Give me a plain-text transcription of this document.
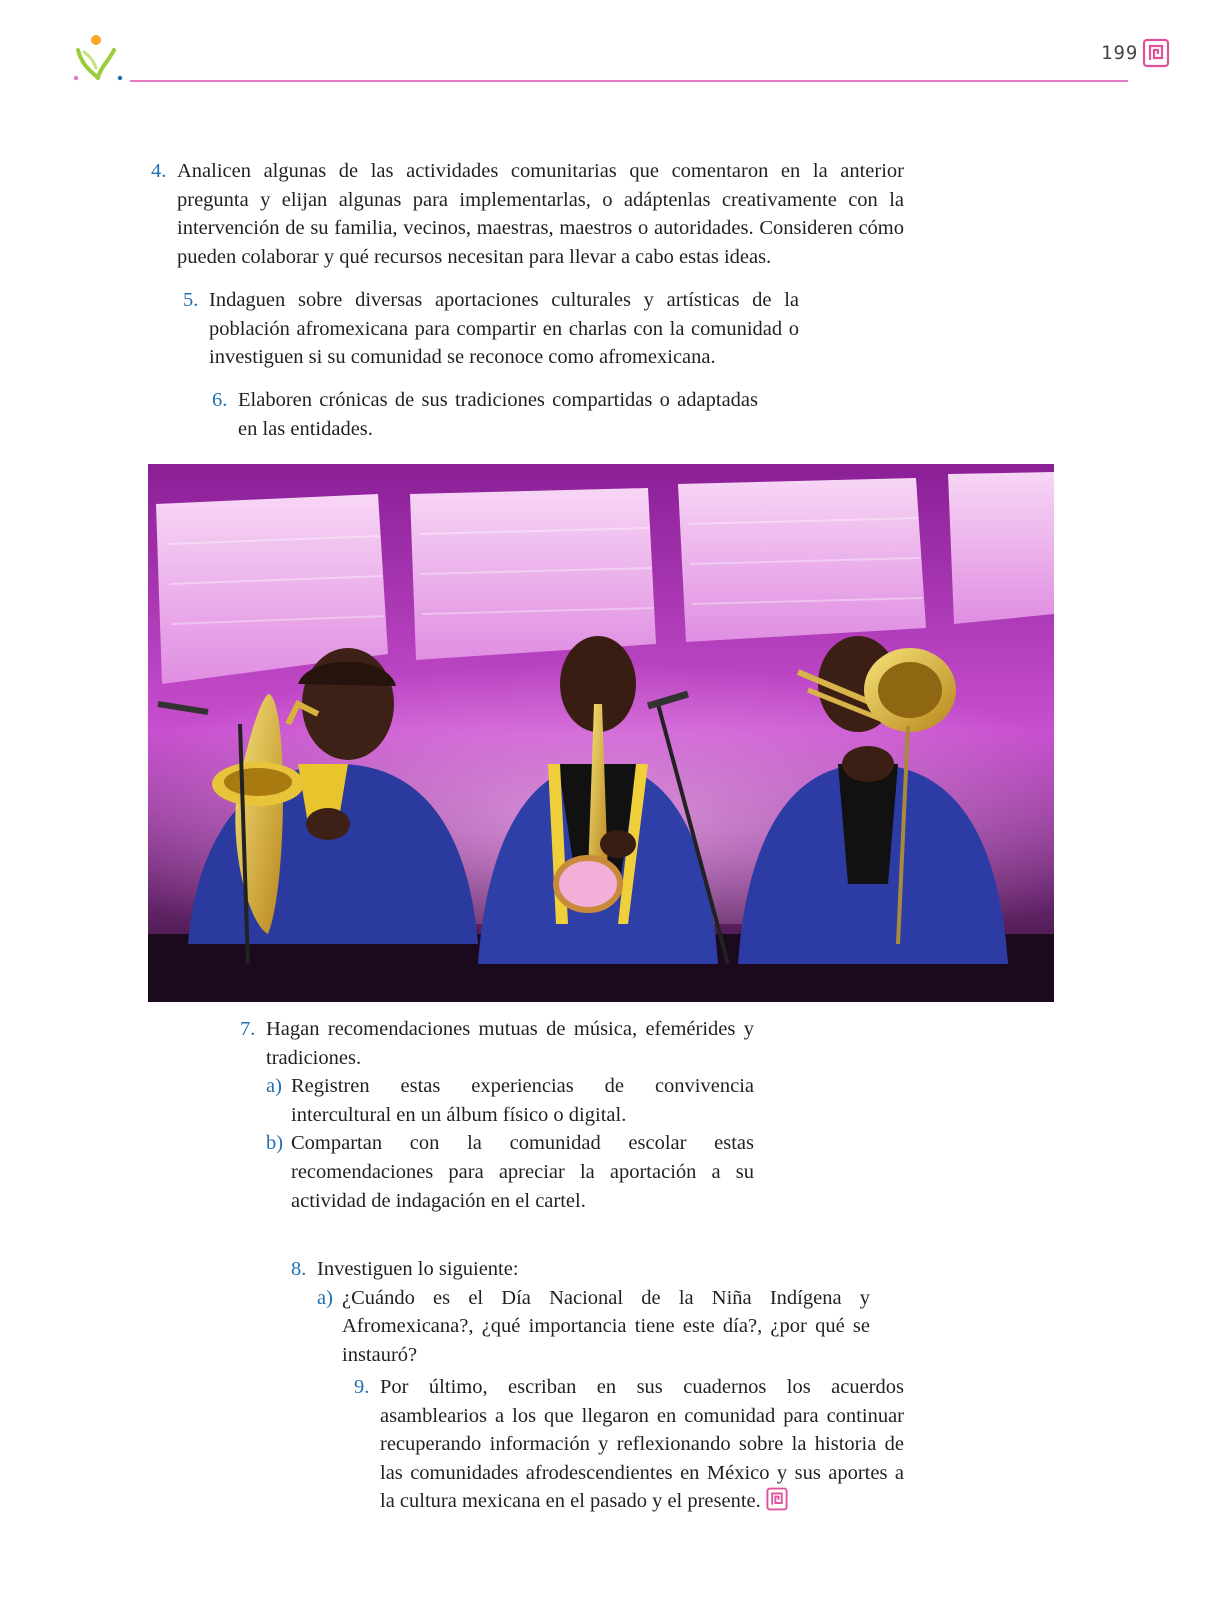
199
4. Analicen algunas de las actividades comunitarias que comentaron en la anterior pregunta y elijan algunas para implementarlas, o adáptenlas creativamente con la intervención de su familia, vecinos, maestras, maestros o autoridades. Consideren cómo pueden colaborar y qué recursos necesitan para llevar a cabo estas ideas.
5. Indaguen sobre diversas aportaciones culturales y artísticas de la población afromexicana para compartir en charlas con la comunidad o investiguen si su comunidad se reconoce como afromexicana.
6. Elaboren crónicas de sus tradiciones compartidas o adaptadas en las entidades.
7. Hagan recomendaciones mutuas de música, efemérides y tradiciones.
a) Registren estas experiencias de convivencia intercultural en un álbum físico o digital.
b) Compartan con la comunidad escolar estas recomendaciones para apreciar la aportación a su actividad de indagación en el cartel.
8. Investiguen lo siguiente:
a) ¿Cuándo es el Día Nacional de la Niña Indígena y Afromexicana?, ¿qué importancia tiene este día?, ¿por qué se instauró?
9. Por último, escriban en sus cuadernos los acuerdos asamblearios a los que llegaron en comunidad para continuar recuperando información y reflexionando sobre la historia de las comunidades afrodescendientes en México y sus aportes a la cultura mexicana en el pasado y el presente.
